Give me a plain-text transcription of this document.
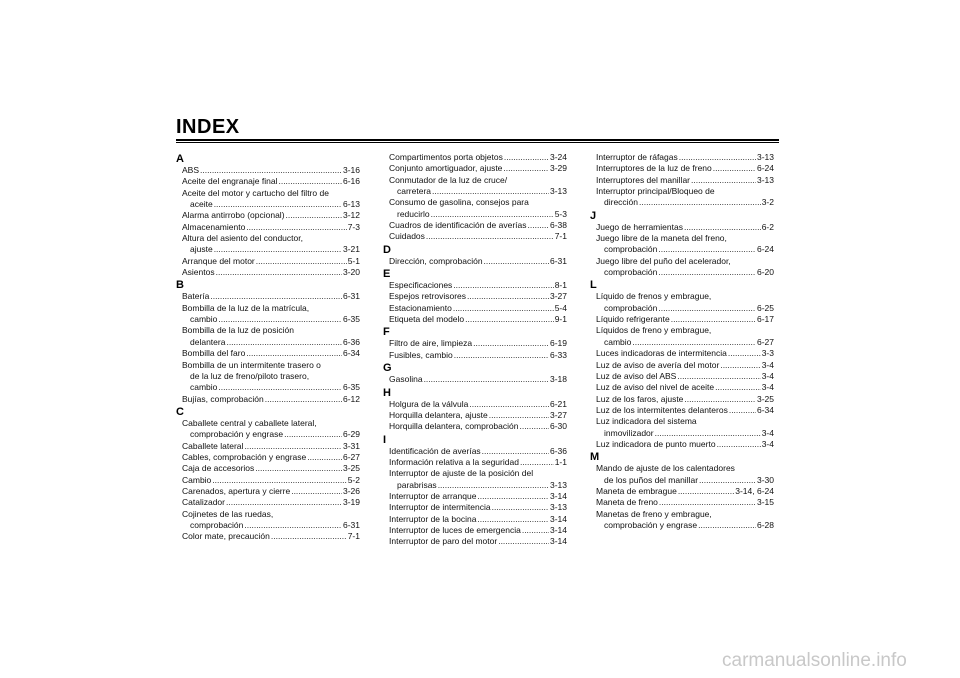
INDEX
A
ABS .....	3-16
Aceite del engranaje final .....	6-16
Aceite del motor y cartucho del filtro de
aceite .....	6-13
Alarma antirrobo (opcional) .....	3-12
Almacenamiento .....	7-3
Altura del asiento del conductor,
ajuste .....	3-21
Arranque del motor .....	5-1
Asientos .....	3-20
B
Batería .....	6-31
Bombilla de la luz de la matrícula,
cambio .....	6-35
Bombilla de la luz de posición
delantera .....	6-36
Bombilla del faro .....	6-34
Bombilla de un intermitente trasero o
de la luz de freno/piloto trasero,
cambio .....	6-35
Bujías, comprobación .....	6-12
C
Caballete central y caballete lateral,
comprobación y engrase .....	6-29
Caballete lateral .....	3-31
Cables, comprobación y engrase .....	6-27
Caja de accesorios .....	3-25
Cambio .....	5-2
Carenados, apertura y cierre .....	3-26
Catalizador .....	3-19
Cojinetes de las ruedas,
comprobación .....	6-31
Color mate, precaución .....	7-1
Compartimentos porta objetos .....	3-24
Conjunto amortiguador, ajuste .....	3-29
Conmutador de la luz de cruce/
carretera .....	3-13
Consumo de gasolina, consejos para
reducirlo .....	5-3
Cuadros de identificación de averías .....	6-38
Cuidados .....	7-1
D
Dirección, comprobación .....	6-31
E
Especificaciones .....	8-1
Espejos retrovisores .....	3-27
Estacionamiento .....	5-4
Etiqueta del modelo .....	9-1
F
Filtro de aire, limpieza .....	6-19
Fusibles, cambio .....	6-33
G
Gasolina .....	3-18
H
Holgura de la válvula .....	6-21
Horquilla delantera, ajuste .....	3-27
Horquilla delantera, comprobación .....	6-30
I
Identificación de averías .....	6-36
Información relativa a la seguridad .....	1-1
Interruptor de ajuste de la posición del
parabrisas .....	3-13
Interruptor de arranque .....	3-14
Interruptor de intermitencia .....	3-13
Interruptor de la bocina .....	3-14
Interruptor de luces de emergencia .....	3-14
Interruptor de paro del motor .....	3-14
Interruptor de ráfagas .....	3-13
Interruptores de la luz de freno .....	6-24
Interruptores del manillar .....	3-13
Interruptor principal/Bloqueo de
dirección .....	3-2
J
Juego de herramientas .....	6-2
Juego libre de la maneta del freno,
comprobación .....	6-24
Juego libre del puño del acelerador,
comprobación .....	6-20
L
Líquido de frenos y embrague,
comprobación .....	6-25
Líquido refrigerante .....	6-17
Líquidos de freno y embrague,
cambio .....	6-27
Luces indicadoras de intermitencia .....	3-3
Luz de aviso de avería del motor .....	3-4
Luz de aviso del ABS .....	3-4
Luz de aviso del nivel de aceite .....	3-4
Luz de los faros, ajuste .....	3-25
Luz de los intermitentes delanteros .....	6-34
Luz indicadora del sistema
inmovilizador .....	3-4
Luz indicadora de punto muerto .....	3-4
M
Mando de ajuste de los calentadores
de los puños del manillar .....	3-30
Maneta de embrague .....	3-14, 6-24
Maneta de freno .....	3-15
Manetas de freno y embrague,
comprobación y engrase .....	6-28
carmanualsonline.info
